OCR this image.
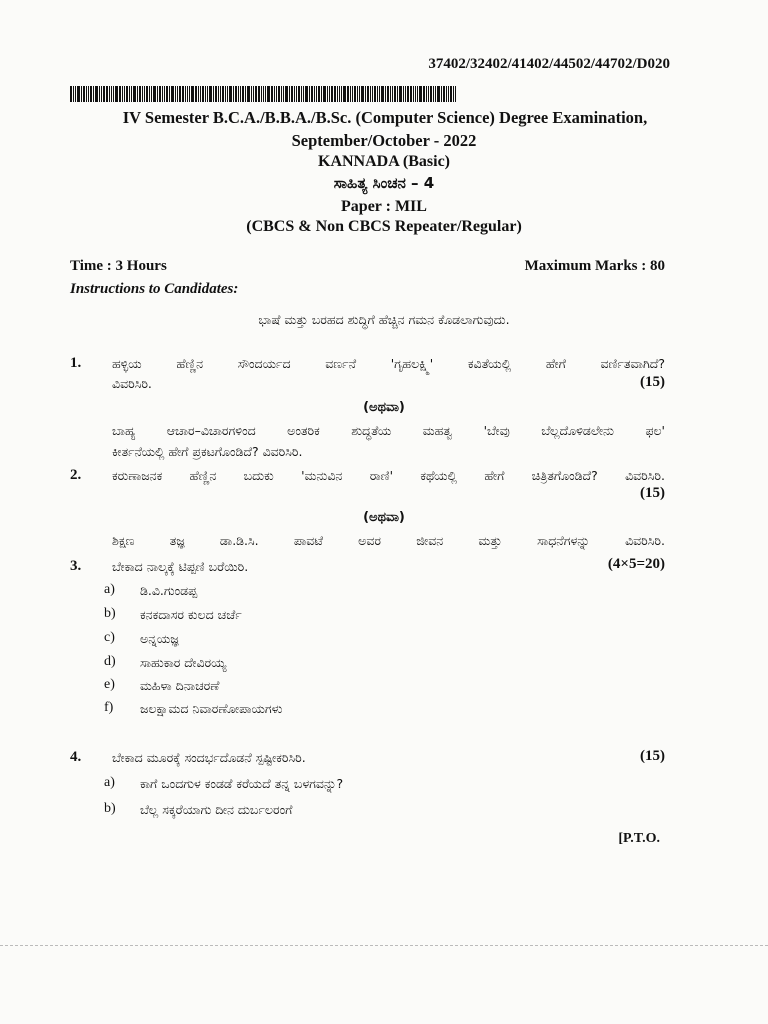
37402/32402/41402/44502/44702/D020
IV Semester B.C.A./B.B.A./B.Sc. (Computer Science) Degree Examination,
September/October - 2022
KANNADA (Basic)
ಸಾಹಿತ್ಯ ಸಿಂಚನ – 4
Paper : MIL
(CBCS & Non CBCS Repeater/Regular)
Time : 3 Hours	Maximum Marks : 80
Instructions to Candidates:
ಭಾಷೆ ಮತ್ತು ಬರಹದ ಶುದ್ಧಿಗೆ ಹೆಚ್ಚಿನ ಗಮನ ಕೊಡಲಾಗುವುದು.
1. ಹಳ್ಳಿಯ ಹೆಣ್ಣಿನ ಸೌಂದರ್ಯದ ವರ್ಣನೆ 'ಗೃಹಲಕ್ಷ್ಮಿ' ಕವಿತೆಯಲ್ಲಿ ಹೇಗೆ ವರ್ಣಿತವಾಗಿದೆ?
ವಿವರಿಸಿರಿ.	(15)
(ಅಥವಾ)
ಬಾಹ್ಯ ಆಚಾರ–ವಿಚಾರಗಳಿಂದ ಅಂತರಿಕ ಶುದ್ಧತೆಯ ಮಹತ್ವ 'ಬೇವು ಬೆಲ್ಲದೊಳಿಡಲೇನು ಫಲ'
ಕೀರ್ತನೆಯಲ್ಲಿ ಹೇಗೆ ಪ್ರಕಟಗೊಂಡಿದೆ? ವಿವರಿಸಿರಿ.
2. ಕರುಣಾಜನಕ ಹೆಣ್ಣಿನ ಬದುಕು 'ಮನುವಿನ ರಾಣಿ' ಕಥೆಯಲ್ಲಿ ಹೇಗೆ ಚಿತ್ರಿತಗೊಂಡಿದೆ? ವಿವರಿಸಿರಿ.
(15)
(ಅಥವಾ)
ಶಿಕ್ಷಣ ತಜ್ಞ ಡಾ.ಡಿ.ಸಿ. ಪಾವಟೆ ಅವರ ಜೀವನ ಮತ್ತು ಸಾಧನೆಗಳನ್ನು ವಿವರಿಸಿರಿ.
3. ಬೇಕಾದ ನಾಲ್ಕಕ್ಕೆ ಟಿಪ್ಪಣಿ ಬರೆಯಿರಿ.	(4×5=20)
a) ಡಿ.ವಿ.ಗುಂಡಪ್ಪ
b) ಕನಕದಾಸರ ಕುಲದ ಚರ್ಚೆ
c) ಅನ್ನಯಜ್ಞ
d) ಸಾಹುಕಾರ ದೇವಿರಯ್ಯ
e) ಮಹಿಳಾ ದಿನಾಚರಣೆ
f) ಜಲಕ್ಷಾಮದ ನಿವಾರಣೋಪಾಯಗಳು
4. ಬೇಕಾದ ಮೂರಕ್ಕೆ ಸಂದರ್ಭದೊಡನೆ ಸ್ಪಷ್ಟೀಕರಿಸಿರಿ.	(15)
a) ಕಾಗೆ ಒಂದಗುಳ ಕಂಡಡೆ ಕರೆಯದೆ ತನ್ನ ಬಳಗವನ್ನು?
b) ಬೆಲ್ಲ ಸಕ್ಕರೆಯಾಗು ದೀನ ದುರ್ಬಲರಂಗೆ
[P.T.O.
